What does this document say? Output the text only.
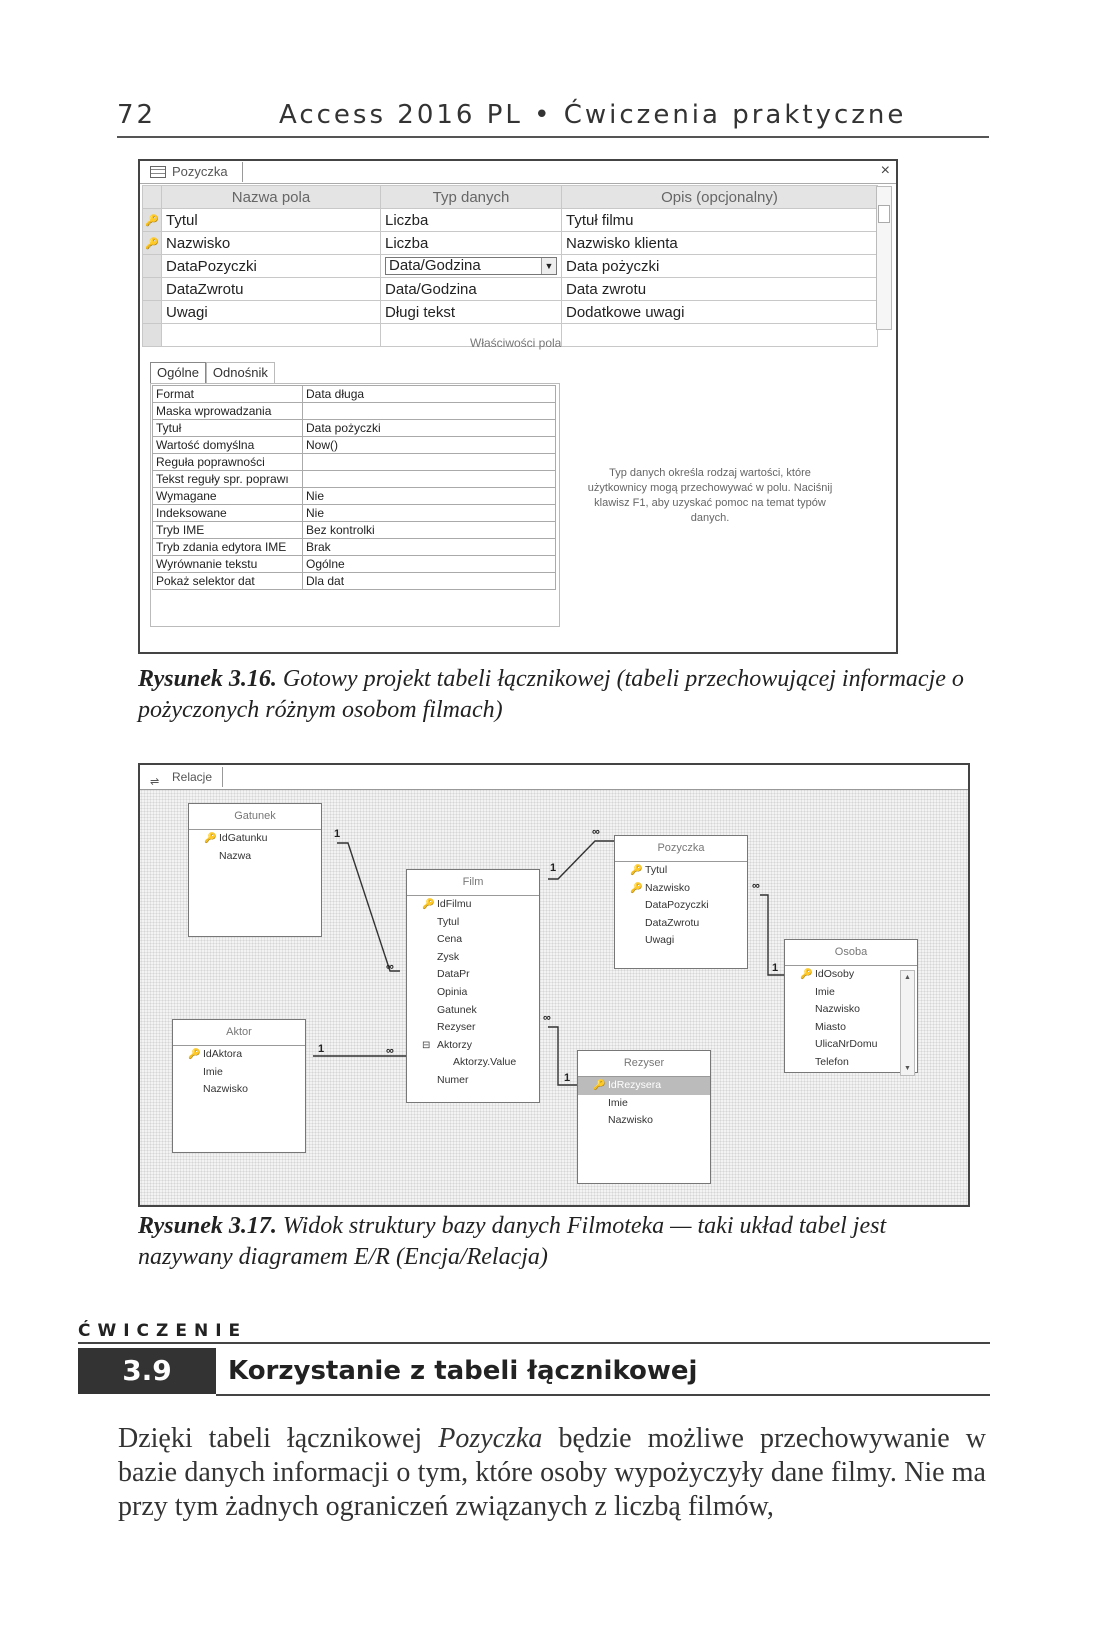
72	Access 2016 PL • Ćwiczenia praktyczne
Pozyczka	×
	Nazwa pola	Typ danych	Opis (opcjonalny)
🔑	Tytul	Liczba	Tytuł filmu
🔑	Nazwisko	Liczba	Nazwisko klienta
	DataPozyczki	Data/Godzina ▼	Data pożyczki
	DataZwrotu	Data/Godzina	Data zwrotu
	Uwagi	Długi tekst	Dodatkowe uwagi

Właściwości pola
Ogólne Odnośnik
Format	Data długa
Maska wprowadzania	
Tytuł	Data pożyczki
Wartość domyślna	Now()
Reguła poprawności	
Tekst reguły spr. poprawı	
Wymagane	Nie
Indeksowane	Nie
Tryb IME	Bez kontrolki
Tryb zdania edytora IME	Brak
Wyrównanie tekstu	Ogólne
Pokaż selektor dat	Dla dat
Typ danych określa rodzaj wartości, które użytkownicy mogą przechowywać w polu. Naciśnij klawisz F1, aby uzyskać pomoc na temat typów danych.
Rysunek 3.16. Gotowy projekt tabeli łącznikowej (tabeli przechowującej informacje o pożyczonych różnym osobom filmach)
⇌ Relacje
1
∞
1	∞
1
∞
∞
1
∞
1
Gatunek
🔑 IdGatunku
Nazwa
Film
🔑 IdFilmu
Tytul
Cena
Zysk
DataPr
Opinia
Gatunek
Rezyser
⊟ Aktorzy
Aktorzy.Value
Numer
Pozyczka
🔑 Tytul
🔑 Nazwisko
DataPozyczki
DataZwrotu
Uwagi
Osoba
🔑 IdOsoby
Imie
Nazwisko
Miasto
UlicaNrDomu
Telefon
▲
▼
Aktor
🔑 IdAktora
Imie
Nazwisko
Rezyser
🔑 IdRezysera
Imie
Nazwisko
Rysunek 3.17. Widok struktury bazy danych Filmoteka — taki układ tabel jest nazywany diagramem E/R (Encja/Relacja)
ĆWICZENIE
3.9	Korzystanie z tabeli łącznikowej

Dzięki tabeli łącznikowej Pozyczka będzie możliwe przechowywanie w bazie danych informacji o tym, które osoby wypożyczyły dane filmy. Nie ma przy tym żadnych ograniczeń związanych z liczbą filmów,
